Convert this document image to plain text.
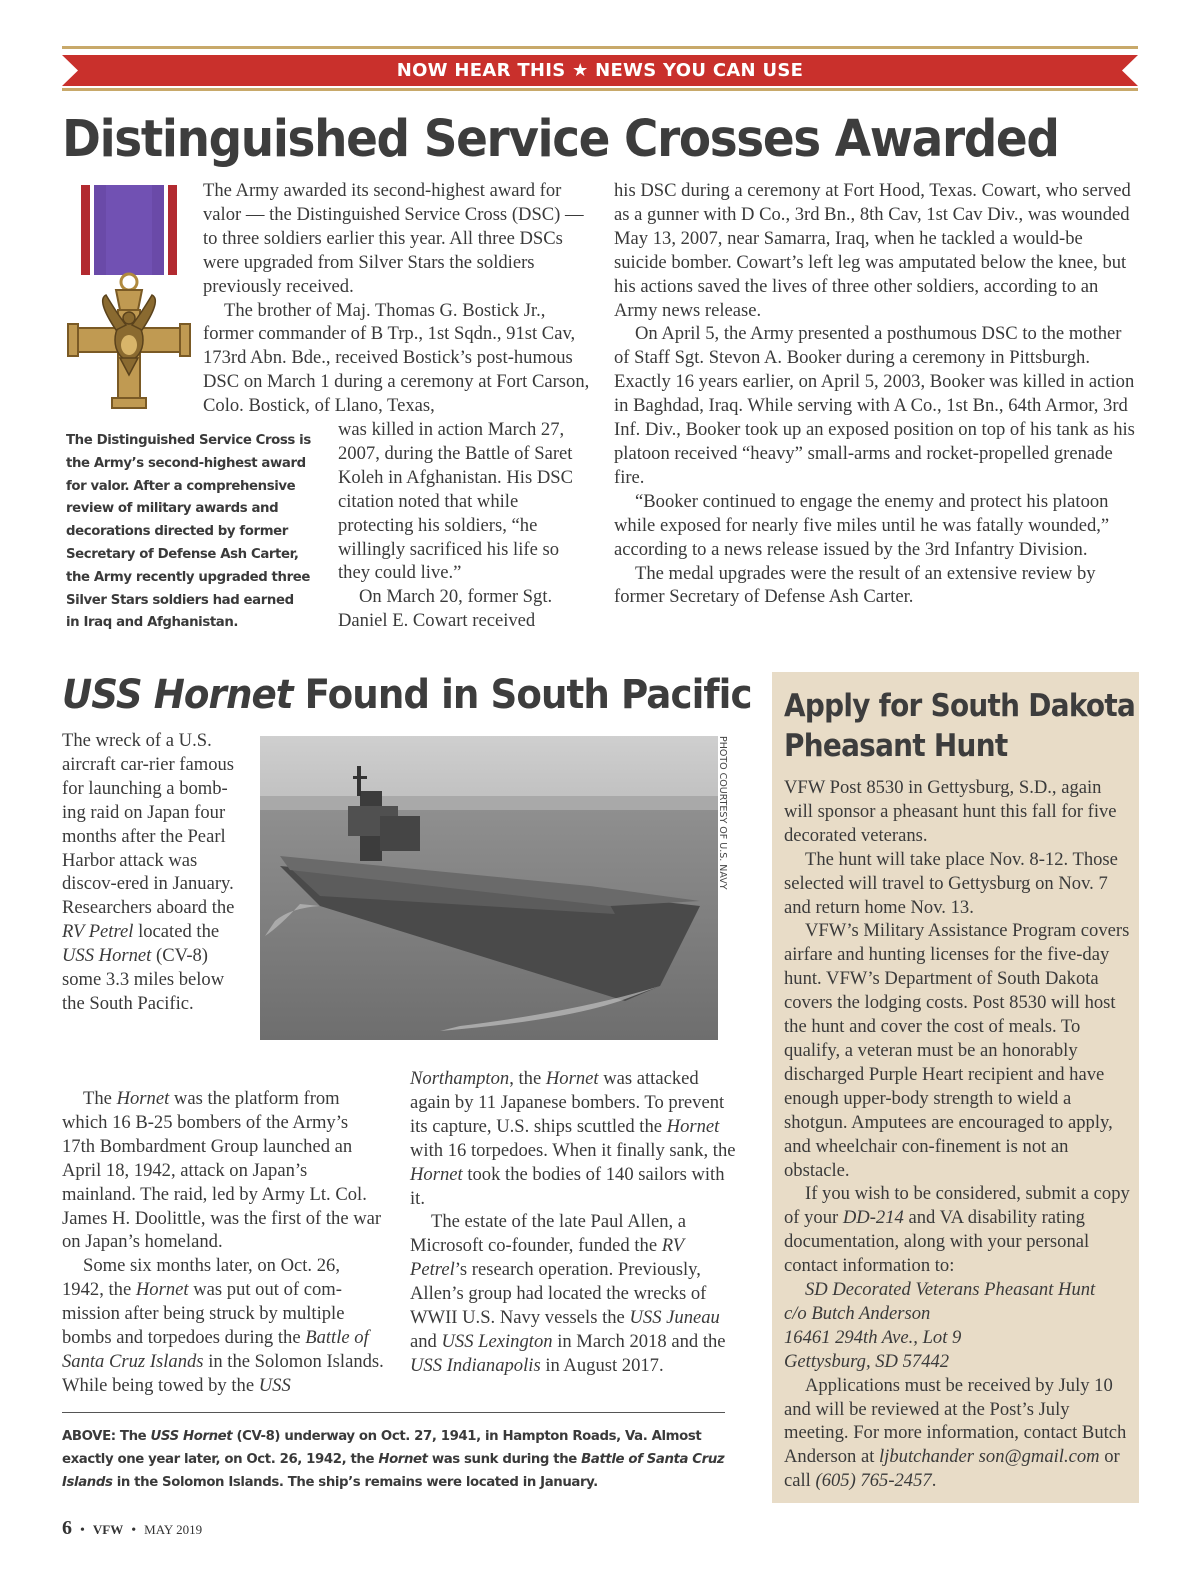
NOW HEAR THIS ★ NEWS YOU CAN USE
Distinguished Service Crosses Awarded

The Army awarded its second-highest award for valor — the Distinguished Service Cross (DSC) — to three soldiers earlier this year. All three DSCs were upgraded from Silver Stars the soldiers previously received.

The brother of Maj. Thomas G. Bostick Jr., former commander of B Trp., 1st Sqdn., 91st Cav, 173rd Abn. Bde., received Bostick’s post-humous DSC on March 1 during a ceremony at Fort Carson, Colo. Bostick, of Llano, Texas,

The Distinguished Service Cross is the Army’s second-highest award for valor. After a comprehensive review of military awards and decorations directed by former Secretary of Defense Ash Carter, the Army recently upgraded three Silver Stars soldiers had earned in Iraq and Afghanistan.

was killed in action March 27, 2007, during the Battle of Saret Koleh in Afghanistan. His DSC citation noted that while protecting his soldiers, “he willingly sacrificed his life so they could live.”

On March 20, former Sgt. Daniel E. Cowart received

his DSC during a ceremony at Fort Hood, Texas. Cowart, who served as a gunner with D Co., 3rd Bn., 8th Cav, 1st Cav Div., was wounded May 13, 2007, near Samarra, Iraq, when he tackled a would-be suicide bomber. Cowart’s left leg was amputated below the knee, but his actions saved the lives of three other soldiers, according to an Army news release.

On April 5, the Army presented a posthumous DSC to the mother of Staff Sgt. Stevon A. Booker during a ceremony in Pittsburgh. Exactly 16 years earlier, on April 5, 2003, Booker was killed in action in Baghdad, Iraq. While serving with A Co., 1st Bn., 64th Armor, 3rd Inf. Div., Booker took up an exposed position on top of his tank as his platoon received “heavy” small-arms and rocket-propelled grenade fire.

“Booker continued to engage the enemy and protect his platoon while exposed for nearly five miles until he was fatally wounded,” according to a news release issued by the 3rd Infantry Division.

The medal upgrades were the result of an extensive review by former Secretary of Defense Ash Carter.

USS Hornet Found in South Pacific
PHOTO COURTESY OF U.S. NAVY

The wreck of a U.S. aircraft car-rier famous for launching a bomb-ing raid on Japan four months after the Pearl Harbor attack was discov-ered in January. Researchers aboard the RV Petrel located the USS Hornet (CV-8) some 3.3 miles below the South Pacific.

The Hornet was the platform from which 16 B-25 bombers of the Army’s 17th Bombardment Group launched an April 18, 1942, attack on Japan’s mainland. The raid, led by Army Lt. Col. James H. Doolittle, was the first of the war on Japan’s homeland.

Some six months later, on Oct. 26, 1942, the Hornet was put out of com-mission after being struck by multiple bombs and torpedoes during the Battle of Santa Cruz Islands in the Solomon Islands. While being towed by the USS

Northampton, the Hornet was attacked again by 11 Japanese bombers. To prevent its capture, U.S. ships scuttled the Hornet with 16 torpedoes. When it finally sank, the Hornet took the bodies of 140 sailors with it.

The estate of the late Paul Allen, a Microsoft co-founder, funded the RV Petrel’s research operation. Previously, Allen’s group had located the wrecks of WWII U.S. Navy vessels the USS Juneau and USS Lexington in March 2018 and the USS Indianapolis in August 2017.

ABOVE: The USS Hornet (CV-8) underway on Oct. 27, 1941, in Hampton Roads, Va. Almost exactly one year later, on Oct. 26, 1942, the Hornet was sunk during the Battle of Santa Cruz Islands in the Solomon Islands. The ship’s remains were located in January.
Apply for South Dakota
Pheasant Hunt

VFW Post 8530 in Gettysburg, S.D., again will sponsor a pheasant hunt this fall for five decorated veterans.

The hunt will take place Nov. 8-12. Those selected will travel to Gettysburg on Nov. 7 and return home Nov. 13.

VFW’s Military Assistance Program covers airfare and hunting licenses for the five-day hunt. VFW’s Department of South Dakota covers the lodging costs. Post 8530 will host the hunt and cover the cost of meals. To qualify, a veteran must be an honorably discharged Purple Heart recipient and have enough upper-body strength to wield a shotgun. Amputees are encouraged to apply, and wheelchair con-finement is not an obstacle.

If you wish to be considered, submit a copy of your DD-214 and VA disability rating documentation, along with your personal contact information to:

SD Decorated Veterans Pheasant Hunt
c/o Butch Anderson
16461 294th Ave., Lot 9
Gettysburg, SD 57442

Applications must be received by July 10 and will be reviewed at the Post’s July meeting. For more information, contact Butch Anderson at ljbutchander son@gmail.com or call (605) 765-2457.

6 • VFW • MAY 2019
